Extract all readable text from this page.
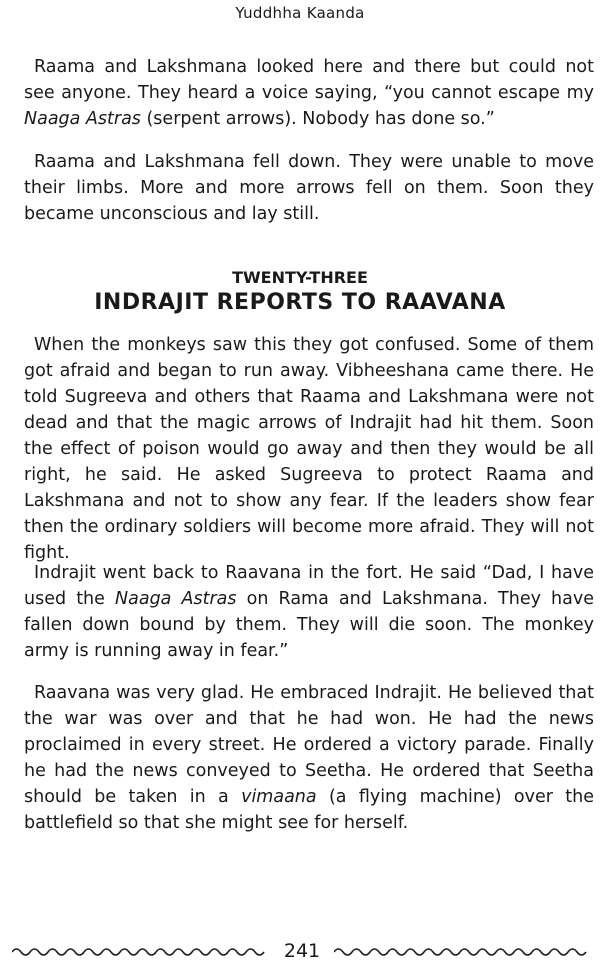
Yuddhha Kaanda

Raama and Lakshmana looked here and there but could not see anyone. They heard a voice saying, “you cannot escape my Naaga Astras (serpent arrows). Nobody has done so.”

Raama and Lakshmana fell down. They were unable to move their limbs. More and more arrows fell on them. Soon they became unconscious and lay still.

TWENTY-THREE
INDRAJIT REPORTS TO RAAVANA

When the monkeys saw this they got confused. Some of them got afraid and began to run away. Vibheeshana came there. He told Sugreeva and others that Raama and Lakshmana were not dead and that the magic arrows of Indrajit had hit them. Soon the effect of poison would go away and then they would be all right, he said. He asked Sugreeva to protect Raama and Lakshmana and not to show any fear. If the leaders show fear then the ordinary soldiers will become more afraid. They will not fight.

Indrajit went back to Raavana in the fort. He said “Dad, I have used the Naaga Astras on Rama and Lakshmana. They have fallen down bound by them. They will die soon. The monkey army is running away in fear.”

Raavana was very glad. He embraced Indrajit. He believed that the war was over and that he had won. He had the news proclaimed in every street. He ordered a victory parade. Finally he had the news conveyed to Seetha. He ordered that Seetha should be taken in a vimaana (a flying machine) over the battlefield so that she might see for herself.

241
